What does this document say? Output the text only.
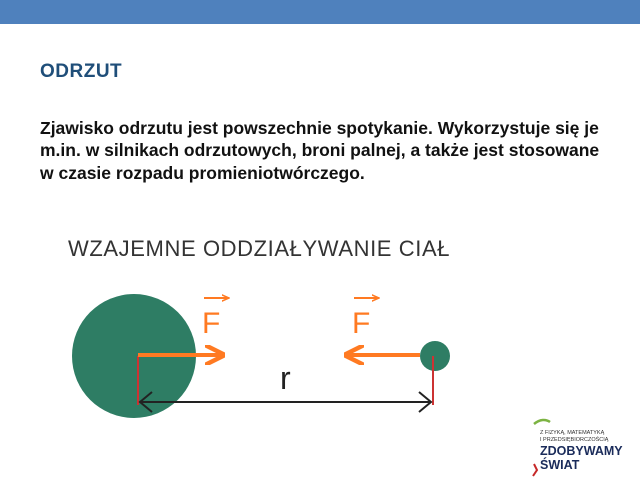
ODRZUT

Zjawisko odrzutu jest powszechnie spotykanie. Wykorzystuje się je m.in. w silnikach odrzutowych, broni palnej, a także jest stosowane w czasie rozpadu promieniotwórczego.

WZAJEMNE ODDZIAŁYWANIE CIAŁ
r
F	F

Z FIZYKĄ, MATEMATYKĄ
I PRZEDSIĘBIORCZOŚCIĄ

ZDOBYWAMY
ŚWIAT
